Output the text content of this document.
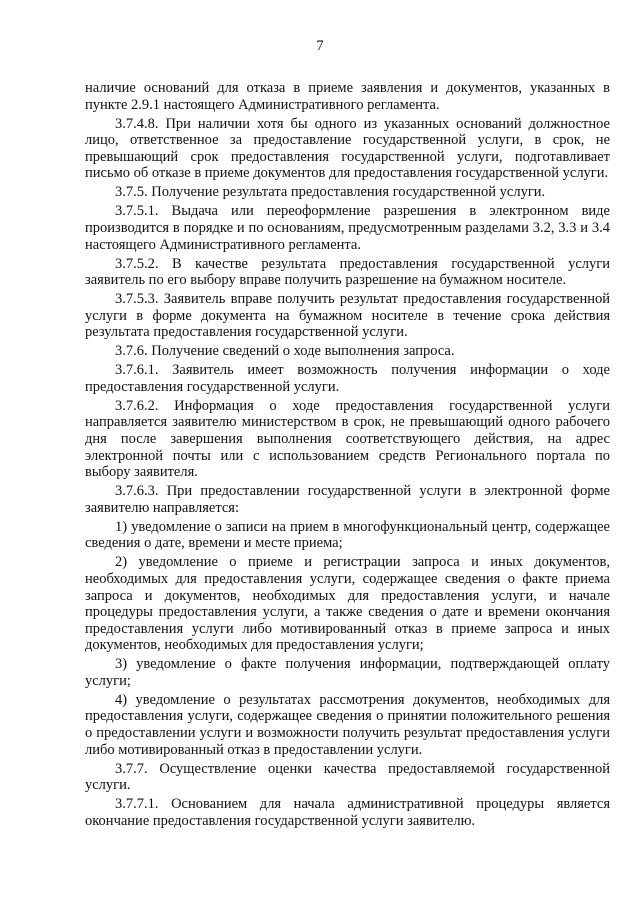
7

наличие оснований для отказа в приеме заявления и документов, указанных в пункте 2.9.1 настоящего Административного регламента.

3.7.4.8. При наличии хотя бы одного из указанных оснований должностное лицо, ответственное за предоставление государственной услуги, в срок, не превышающий срок предоставления государственной услуги, подготавливает письмо об отказе в приеме документов для предоставления государственной услуги.

3.7.5. Получение результата предоставления государственной услуги.

3.7.5.1. Выдача или переоформление разрешения в электронном виде производится в порядке и по основаниям, предусмотренным разделами 3.2, 3.3 и 3.4 настоящего Административного регламента.

3.7.5.2. В качестве результата предоставления государственной услуги заявитель по его выбору вправе получить разрешение на бумажном носителе.

3.7.5.3. Заявитель вправе получить результат предоставления государственной услуги в форме документа на бумажном носителе в течение срока действия результата предоставления государственной услуги.

3.7.6. Получение сведений о ходе выполнения запроса.

3.7.6.1. Заявитель имеет возможность получения информации о ходе предоставления государственной услуги.

3.7.6.2. Информация о ходе предоставления государственной услуги направляется заявителю министерством в срок, не превышающий одного рабочего дня после завершения выполнения соответствующего действия, на адрес электронной почты или с использованием средств Регионального портала по выбору заявителя.

3.7.6.3. При предоставлении государственной услуги в электронной форме заявителю направляется:

1) уведомление о записи на прием в многофункциональный центр, содержащее сведения о дате, времени и месте приема;

2) уведомление о приеме и регистрации запроса и иных документов, необходимых для предоставления услуги, содержащее сведения о факте приема запроса и документов, необходимых для предоставления услуги, и начале процедуры предоставления услуги, а также сведения о дате и времени окончания предоставления услуги либо мотивированный отказ в приеме запроса и иных документов, необходимых для предоставления услуги;

3) уведомление о факте получения информации, подтверждающей оплату услуги;

4) уведомление о результатах рассмотрения документов, необходимых для предоставления услуги, содержащее сведения о принятии положительного решения о предоставлении услуги и возможности получить результат предоставления услуги либо мотивированный отказ в предоставлении услуги.

3.7.7. Осуществление оценки качества предоставляемой государственной услуги.

3.7.7.1. Основанием для начала административной процедуры является окончание предоставления государственной услуги заявителю.
